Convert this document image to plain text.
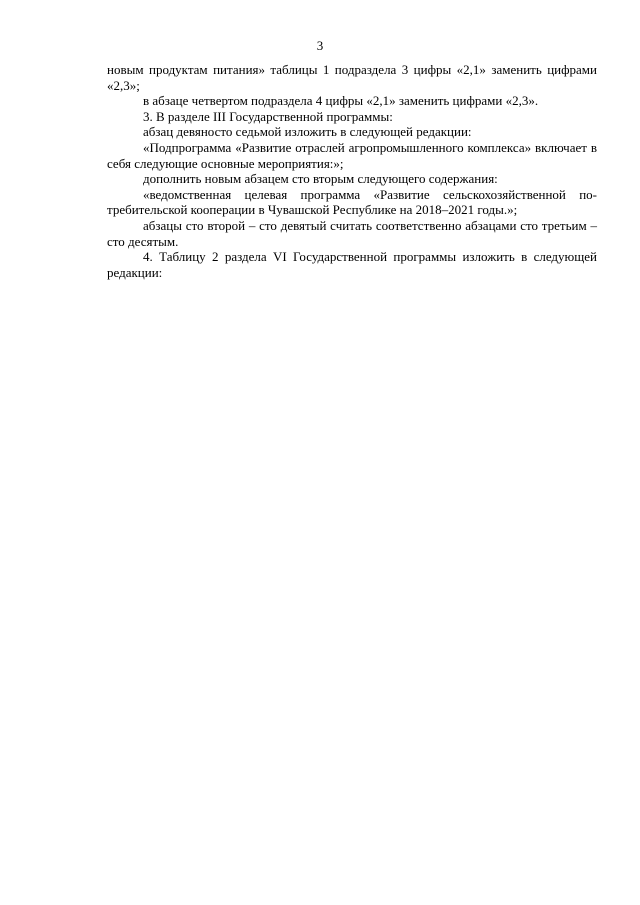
3

новым продуктам питания» таблицы 1 подраздела 3 цифры «2,1» заменить цифрами «2,3»;

в абзаце четвертом подраздела 4 цифры «2,1» заменить цифрами «2,3».

3. В разделе III Государственной программы:

абзац девяносто седьмой изложить в следующей редакции:

«Подпрограмма «Развитие отраслей агропромышленного комплекса» включает в себя следующие основные мероприятия:»;

дополнить новым абзацем сто вторым следующего содержания:

«ведомственная целевая программа «Развитие сельскохозяйственной потребительской кооперации в Чувашской Республике на 2018–2021 годы.»;

абзацы сто второй – сто девятый считать соответственно абзацами сто третьим – сто десятым.

4. Таблицу 2 раздела VI Государственной программы изложить в следующей редакции:
